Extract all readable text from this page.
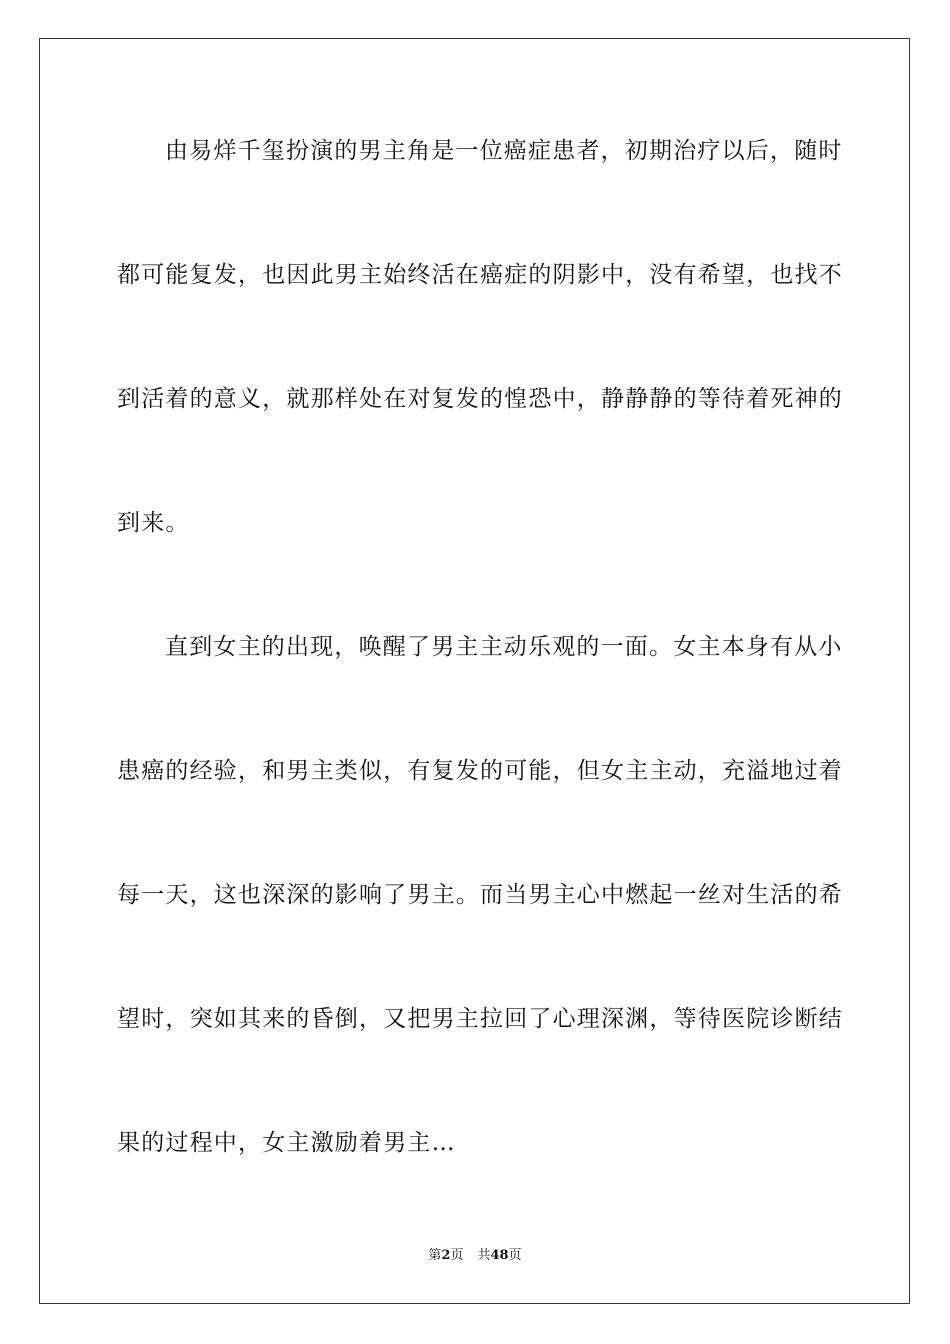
由易烊千玺扮演的男主角是一位癌症患者，初期治疗以后，随时
都可能复发，也因此男主始终活在癌症的阴影中，没有希望，也找不
到活着的意义，就那样处在对复发的惶恐中，静静静的等待着死神的
到来。
直到女主的出现，唤醒了男主主动乐观的一面。女主本身有从小
患癌的经验，和男主类似，有复发的可能，但女主主动，充溢地过着
每一天，这也深深的影响了男主。而当男主心中燃起一丝对生活的希
望时，突如其来的昏倒，又把男主拉回了心理深渊，等待医院诊断结
果的过程中，女主激励着男主…
第2页 共48页
